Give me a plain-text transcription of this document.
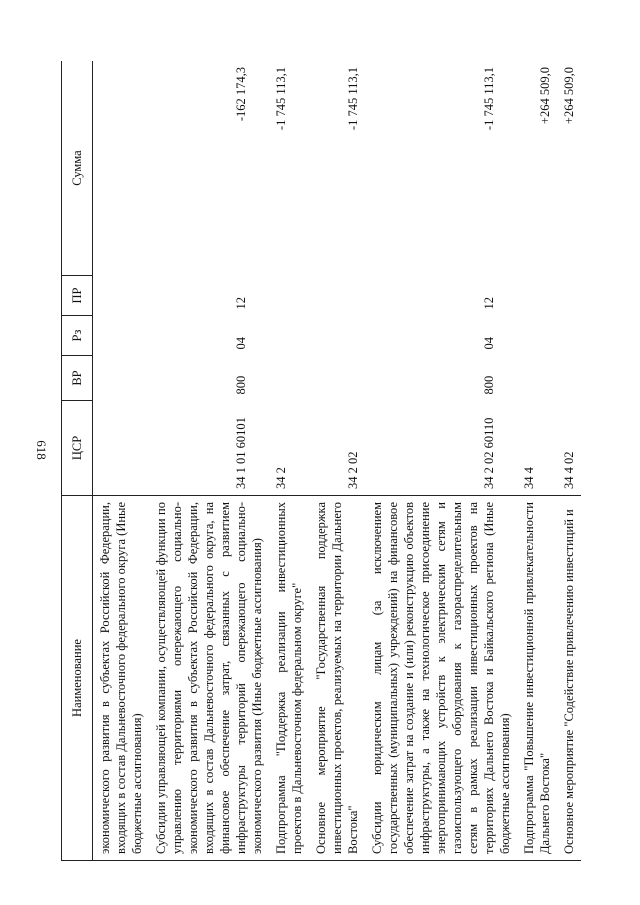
618
Наименование	ЦСР	ВР	Рз	ПР	Сумма
экономического развития в субъектах Российской Федерации, входящих в состав Дальневосточного федерального округа (Иные бюджетные ассигнования)					
Субсидии управляющей компании, осуществляющей функции по управлению территориями опережающего социально-экономического развития в субъектах Российской Федерации, входящих в состав Дальневосточного федерального округа, на финансовое обеспечение затрат, связанных с развитием инфраструктуры территорий опережающего социально-экономического развития (Иные бюджетные ассигнования)	34 1 01 60101	800	04	12	-162 174,3
Подпрограмма "Поддержка реализации инвестиционных проектов в Дальневосточном федеральном округе"	34 2				-1 745 113,1
Основное мероприятие "Государственная поддержка инвестиционных проектов, реализуемых на территории Дальнего Востока"	34 2 02				-1 745 113,1
Субсидии юридическим лицам (за исключением государственных (муниципальных) учреждений) на финансовое обеспечение затрат на создание и (или) реконструкцию объектов инфраструктуры, а также на технологическое присоединение энергопринимающих устройств к электрическим сетям и газоиспользующего оборудования к газораспределительным сетям в рамках реализации инвестиционных проектов на территориях Дальнего Востока и Байкальского региона (Иные бюджетные ассигнования)	34 2 02 60110	800	04	12	-1 745 113,1
Подпрограмма "Повышение инвестиционной привлекательности Дальнего Востока"	34 4				+264 509,0
Основное мероприятие "Содействие привлечению инвестиций и	34 4 02				+264 509,0
